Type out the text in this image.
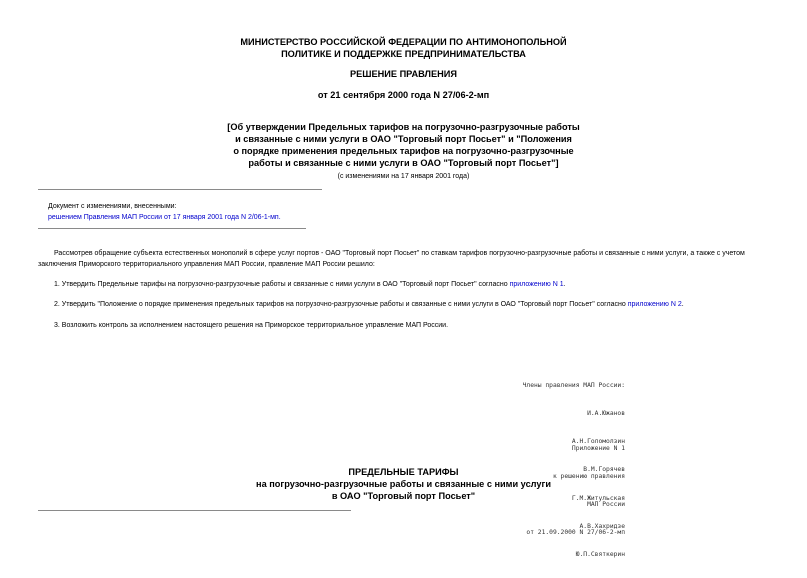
МИНИСТЕРСТВО РОССИЙСКОЙ ФЕДЕРАЦИИ ПО АНТИМОНОПОЛЬНОЙ
ПОЛИТИКЕ И ПОДДЕРЖКЕ ПРЕДПРИНИМАТЕЛЬСТВА
РЕШЕНИЕ ПРАВЛЕНИЯ
от 21 сентября 2000 года N 27/06-2-мп
[Об утверждении Предельных тарифов на погрузочно-разгрузочные работы
и связанные с ними услуги в ОАО "Торговый порт Посьет" и "Положения
о порядке применения предельных тарифов на погрузочно-разгрузочные
работы и связанные с ними услуги в ОАО "Торговый порт Посьет"]
(с изменениями на 17 января 2001 года)
Документ с изменениями, внесенными:
решением Правления МАП России от 17 января 2001 года N 2/06-1-мп.
Рассмотрев обращение субъекта естественных монополий в сфере услуг портов - ОАО "Торговый порт Посьет" по ставкам тарифов погрузочно-разгрузочные работы и связанные с ними услуги, а также с учетом заключения Приморского территориального управления МАП России, правление МАП России решило:
1. Утвердить Предельные тарифы на погрузочно-разгрузочные работы и связанные с ними услуги в ОАО "Торговый порт Посьет" согласно приложению N 1.
2. Утвердить "Положение о порядке применения предельных тарифов на погрузочно-разгрузочные работы и связанные с ними услуги в ОАО "Торговый порт Посьет" согласно приложению N 2.
3. Возложить контроль за исполнением настоящего решения на Приморское территориальное управление МАП России.

Члены правления МАП России:

И.А.Южанов

А.Н.Голомолзин

В.М.Горячев

Г.М.Житульская

А.В.Хахридзе

Ю.П.Святкерин

Приложение N 1

к решению правления

МАП России

от 21.09.2000 N 27/06-2-мп

ПРЕДЕЛЬНЫЕ ТАРИФЫ
на погрузочно-разгрузочные работы и связанные с ними услуги
в ОАО "Торговый порт Посьет"
